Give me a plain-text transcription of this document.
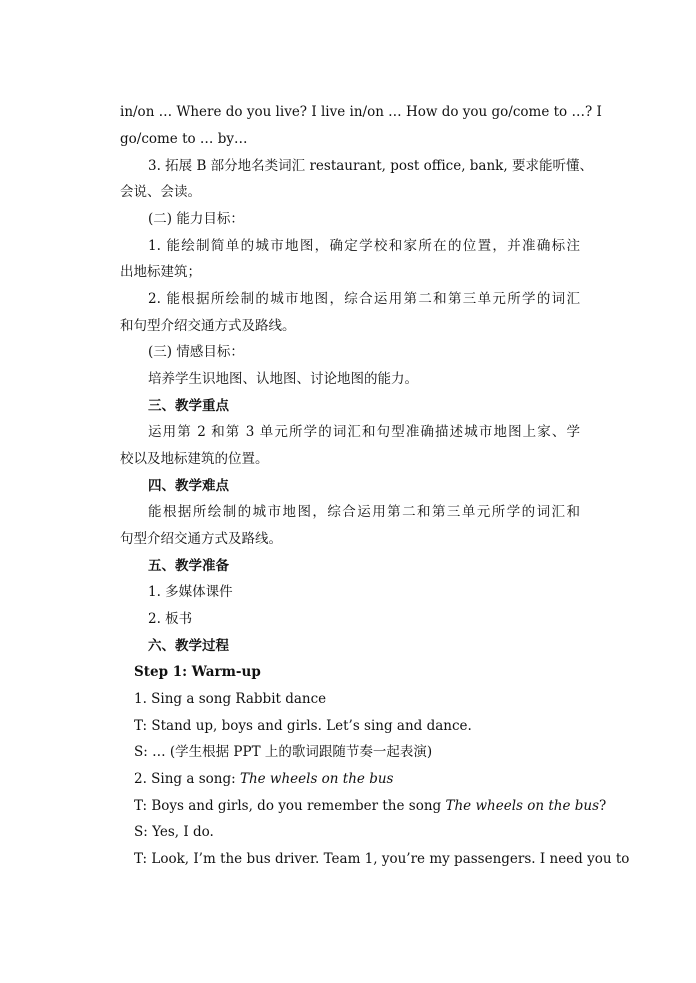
in/on … Where do you live? I live in/on … How do you go/come to …? I
go/come to … by…
3. 拓展 B 部分地名类词汇 restaurant, post office, bank, 要求能听懂、
会说、会读。
(二) 能力目标：
1. 能绘制简单的城市地图，确定学校和家所在的位置，并准确标注
出地标建筑；
2. 能根据所绘制的城市地图，综合运用第二和第三单元所学的词汇
和句型介绍交通方式及路线。
(三) 情感目标：
培养学生识地图、认地图、讨论地图的能力。
三、教学重点
运用第 2 和第 3 单元所学的词汇和句型准确描述城市地图上家、学
校以及地标建筑的位置。
四、教学难点
能根据所绘制的城市地图，综合运用第二和第三单元所学的词汇和
句型介绍交通方式及路线。
五、教学准备
1. 多媒体课件
2. 板书
六、教学过程
Step 1: Warm-up
1. Sing a song Rabbit dance
T: Stand up, boys and girls. Let’s sing and dance.
S: … (学生根据 PPT 上的歌词跟随节奏一起表演)
2. Sing a song: The wheels on the bus
T: Boys and girls, do you remember the song The wheels on the bus?
S: Yes, I do.
T: Look, I’m the bus driver. Team 1, you’re my passengers. I need you to
